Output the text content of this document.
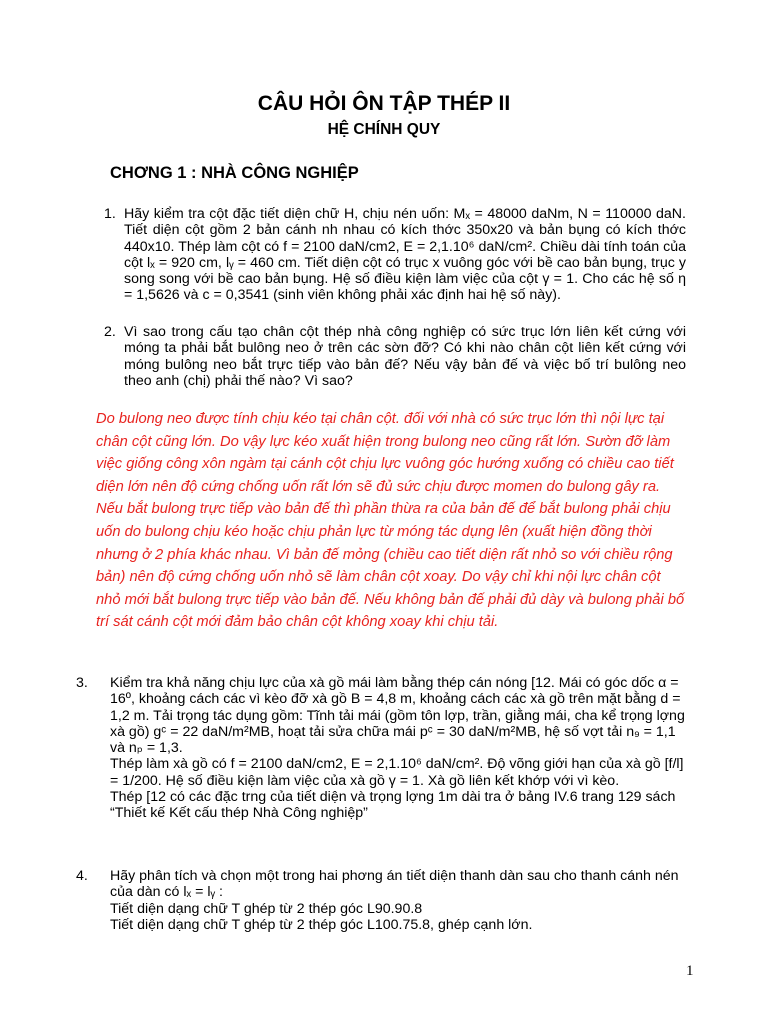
CÂU HỎI ÔN TẬP THÉP II
HỆ CHÍNH QUY
CHƠNG 1 : NHÀ CÔNG NGHIỆP
1. Hãy kiểm tra cột đặc tiết diện chữ H, chịu nén uốn: Mₓ = 48000 daNm, N = 110000 daN. Tiết diện cột gồm 2 bản cánh nh nhau có kích thớc 350x20 và bản bụng có kích thớc 440x10. Thép làm cột có f = 2100 daN/cm2, E = 2,1.10⁶ daN/cm². Chiều dài tính toán của cột lₓ = 920 cm, lᵧ = 460 cm. Tiết diện cột có trục x vuông góc với bề cao bản bụng, trục y song song với bề cao bản bụng. Hệ số điều kiện làm việc của cột γ = 1. Cho các hệ số η = 1,5626 và c = 0,3541 (sinh viên không phải xác định hai hệ số này).
2. Vì sao trong cấu tạo chân cột thép nhà công nghiệp có sức trục lớn liên kết cứng với móng ta phải bắt bulông neo ở trên các sờn đỡ? Có khi nào chân cột liên kết cứng với móng bulông neo bắt trực tiếp vào bản đế? Nếu vậy bản đế và việc bố trí bulông neo theo anh (chị) phải thế nào? Vì sao?

Do bulong neo được tính chịu kéo tại chân cột. đối với nhà có sức trục lớn thì nội lực tại chân cột cũng lớn. Do vậy lực kéo xuất hiện trong bulong neo cũng rất lớn. Sườn đỡ làm việc giống công xôn ngàm tại cánh cột chịu lực vuông góc hướng xuống có chiều cao tiết diện lớn nên độ cứng chống uốn rất lớn sẽ đủ sức chịu được momen do bulong gây ra. Nếu bắt bulong trực tiếp vào bản đế thì phần thừa ra của bản đế để bắt bulong phải chịu uốn do bulong chịu kéo hoặc chịu phản lực từ móng tác dụng lên (xuất hiện đồng thời nhưng ở 2 phía khác nhau. Vì bản đế mỏng (chiều cao tiết diện rất nhỏ so với chiều rộng bản) nên độ cứng chống uốn nhỏ sẽ làm chân cột xoay. Do vậy chỉ khi nội lực chân cột nhỏ mới bắt bulong trực tiếp vào bản đế. Nếu không bản đế phải đủ dày và bulong phải bố trí sát cánh cột mới đảm bảo chân cột không xoay khi chịu tải.

3. Kiểm tra khả năng chịu lực của xà gồ mái làm bằng thép cán nóng [12. Mái có góc dốc α = 16º, khoảng cách các vì kèo đỡ xà gồ B = 4,8 m, khoảng cách các xà gồ trên mặt bằng d = 1,2 m. Tải trọng tác dụng gồm: Tĩnh tải mái (gồm tôn lợp, trần, giằng mái, cha kể trọng lợng xà gồ) gᶜ = 22 daN/m²MB, hoạt tải sửa chữa mái pᶜ = 30 daN/m²MB, hệ số vợt tải n₉ = 1,1 và nₚ = 1,3.

Thép làm xà gồ có f = 2100 daN/cm2, E = 2,1.10⁶ daN/cm². Độ võng giới hạn của xà gồ [f/l] = 1/200. Hệ số điều kiện làm việc của xà gồ γ = 1. Xà gồ liên kết khớp với vì kèo.

Thép [12 có các đặc trng của tiết diện và trọng lợng 1m dài tra ở bảng IV.6 trang 129 sách “Thiết kế Kết cấu thép Nhà Công nghiệp”

4. Hãy phân tích và chọn một trong hai phơng án tiết diện thanh dàn sau cho thanh cánh nén của dàn có lₓ = lᵧ :

Tiết diện dạng chữ T ghép từ 2 thép góc L90.90.8

Tiết diện dạng chữ T ghép từ 2 thép góc L100.75.8, ghép cạnh lớn.

1
